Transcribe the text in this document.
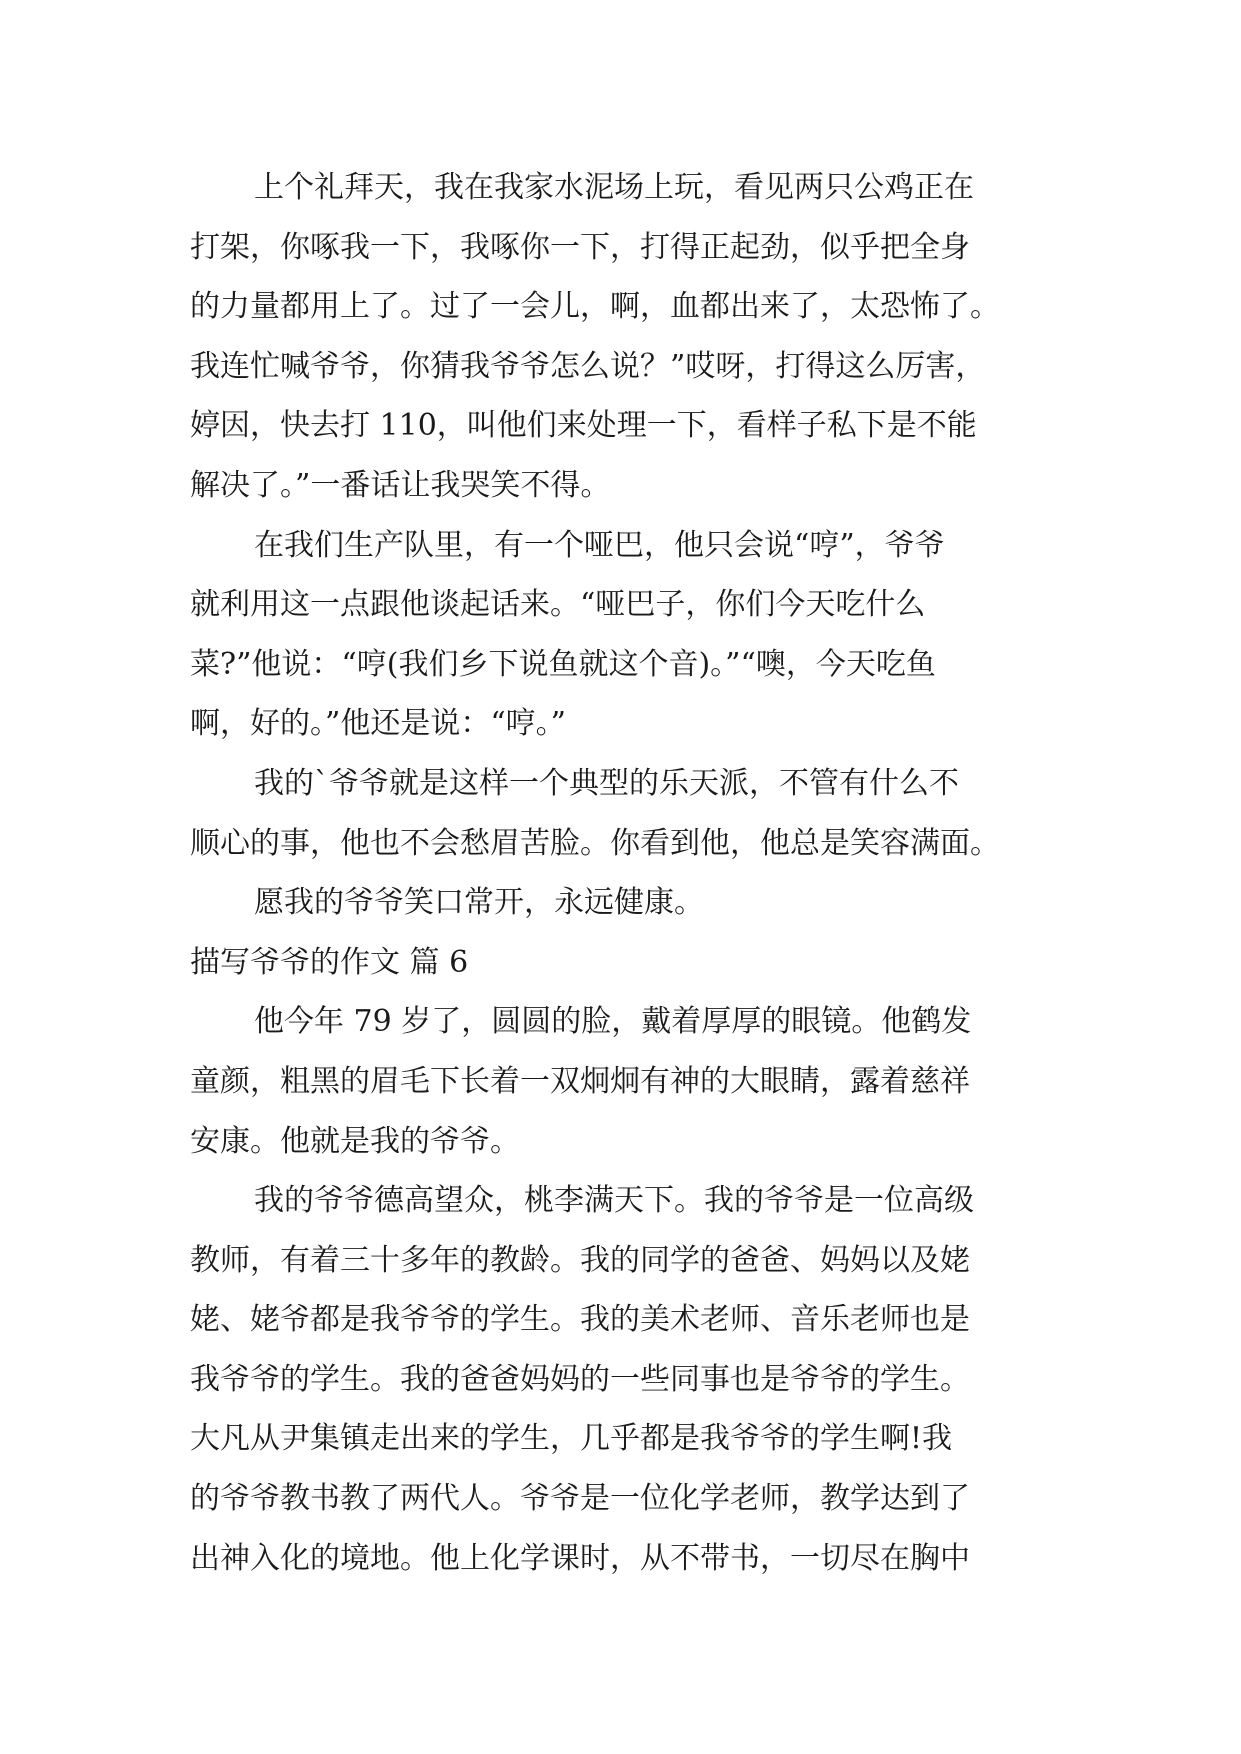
上个礼拜天，我在我家水泥场上玩，看见两只公鸡正在
打架，你啄我一下，我啄你一下，打得正起劲，似乎把全身
的力量都用上了。过了一会儿，啊，血都出来了，太恐怖了。
我连忙喊爷爷，你猜我爷爷怎么说？”哎呀，打得这么厉害，
婷因，快去打 110，叫他们来处理一下，看样子私下是不能
解决了。”一番话让我哭笑不得。
在我们生产队里，有一个哑巴，他只会说“哼”，爷爷
就利用这一点跟他谈起话来。“哑巴子，你们今天吃什么
菜?”他说：“哼(我们乡下说鱼就这个音)。”“噢，今天吃鱼
啊，好的。”他还是说：“哼。”
我的`爷爷就是这样一个典型的乐天派，不管有什么不
顺心的事，他也不会愁眉苦脸。你看到他，他总是笑容满面。
愿我的爷爷笑口常开，永远健康。
描写爷爷的作文 篇 6
他今年 79 岁了，圆圆的脸，戴着厚厚的眼镜。他鹤发
童颜，粗黑的眉毛下长着一双炯炯有神的大眼睛，露着慈祥
安康。他就是我的爷爷。
我的爷爷德高望众，桃李满天下。我的爷爷是一位高级
教师，有着三十多年的教龄。我的同学的爸爸、妈妈以及姥
姥、姥爷都是我爷爷的学生。我的美术老师、音乐老师也是
我爷爷的学生。我的爸爸妈妈的一些同事也是爷爷的学生。
大凡从尹集镇走出来的学生，几乎都是我爷爷的学生啊!我
的爷爷教书教了两代人。爷爷是一位化学老师，教学达到了
出神入化的境地。他上化学课时，从不带书，一切尽在胸中
